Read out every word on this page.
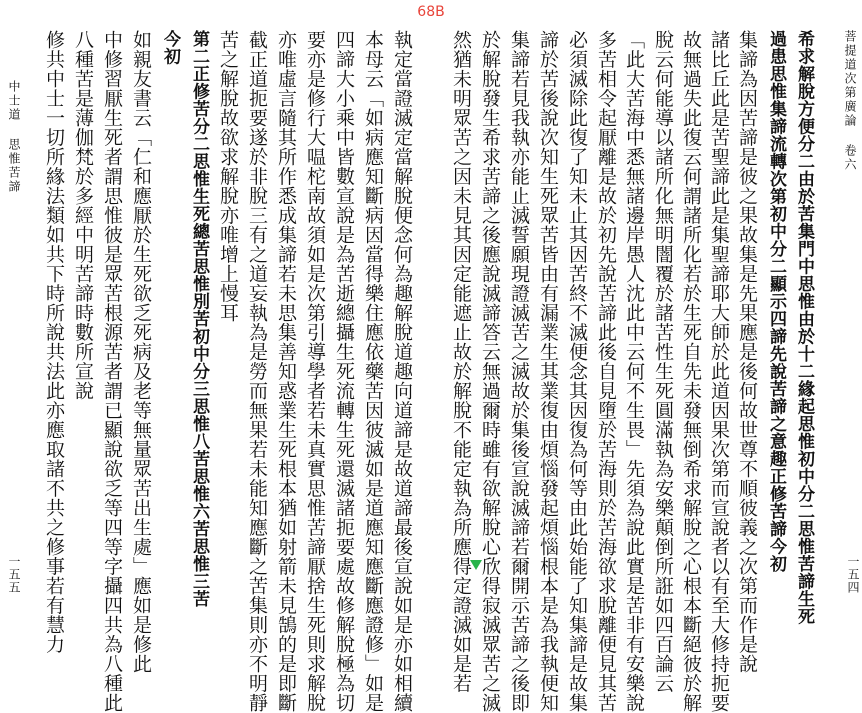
68B
菩提道次第廣論 卷六
希求解脫方便分二由於苦集門中思惟由於十二緣起思惟初中分二思惟苦諦生死
過患思惟集諦流轉次第初中分二顯示四諦先說苦諦之意趣正修苦諦今初
集諦為因苦諦是彼之果故集是先果應是後何故世尊不順彼義之次第而作是說
諸比丘此是苦聖諦此是集聖諦耶大師於此道因果次第而宣說者以有至大修持扼要
故無過失此復云何謂諸所化若於生死自先未發無倒希求解脫之心根本斷絕彼於解
脫云何能導以諸所化無明闇覆於諸苦性生死圓滿執為安樂顛倒所誑如四百論云
「此大苦海中悉無諸邊岸愚人沈此中云何不生畏」先須為說此實是苦非有安樂說
多苦相令起厭離是故於初先說苦諦此後自見墮於苦海則於苦海欲求脫離便見其苦
必須滅除此復了知未止其因苦終不滅便念其因復為何等由此始能了知集諦是故集
諦於苦後說次知生死眾苦皆由有漏業生其業復由煩惱發起煩惱根本是為我執便知
集諦若見我執亦能止滅誓願現證滅苦之滅故於集後宣說滅諦若爾開示苦諦之後即
於解脫發生希求苦諦之後應說滅諦答云無過爾時雖有欲解脫心欣得寂滅眾苦之滅
然猶未明眾苦之因未見其因定能遮止故於解脫不能定執為所應得定證滅如是若
執定當證滅定當解脫便念何為趣解脫道趣向道諦是故道諦最後宣說如是亦如相續
本母云「如病應知斷病因當得樂住應依藥苦因彼滅如是道應知應斷應證修」如是
四諦大小乘中皆數宣說是為苦逝總攝生死流轉生死還滅諸扼要處故修解脫極為切
要亦是修行大嗢柁南故須如是次第引導學者若未真實思惟苦諦厭捨生死則求解脫
亦唯虛言隨其所作悉成集諦若未思集善知惑業生死根本猶如射箭未見鵠的是即斷
截正道扼要遂於非脫三有之道妄執為是勞而無果若未能知應斷之苦集則亦不明靜
苦之解脫故欲求解脫亦唯增上慢耳
第二正修苦分二思惟生死總苦思惟別苦初中分三思惟八苦思惟六苦思惟三苦
今初
如親友書云「仁和應厭於生死欲乏死病及老等無量眾苦出生處」應如是修此
中修習厭生死者謂思惟彼是眾苦根源苦者謂已顯說欲乏等四等字攝四共為八種此
八種苦是薄伽梵於多經中明苦諦時數所宣說
修共中士一切所緣法類如共下時所說共法此亦應取諸不共之修事若有慧力
中士道 思惟苦諦
一五四
一五五
